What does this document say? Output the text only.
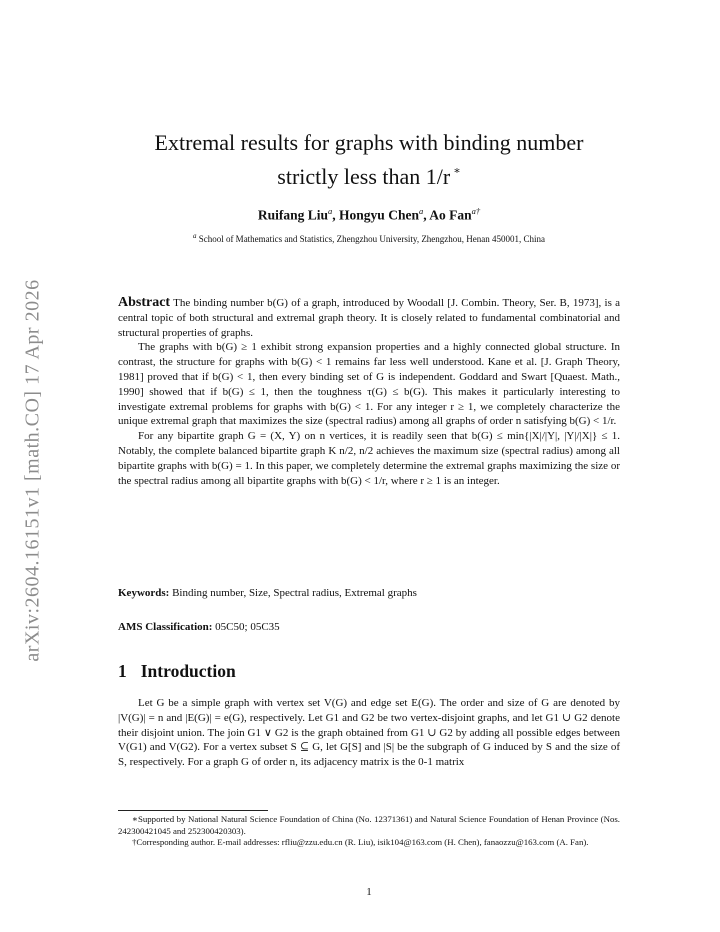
arXiv:2604.16151v1 [math.CO] 17 Apr 2026
Extremal results for graphs with binding number
strictly less than 1/r ∗
Ruifang Liu$^a$, Hongyu Chen$^a$, Ao Fan$^{a\dagger}$
$^a$ School of Mathematics and Statistics, Zhengzhou University, Zhengzhou, Henan 450001, China

Abstract The binding number b(G) of a graph, introduced by Woodall [J. Combin. Theory, Ser. B, 1973], is a central topic of both structural and extremal graph theory. It is closely related to fundamental combinatorial and structural properties of graphs.

The graphs with b(G) ≥ 1 exhibit strong expansion properties and a highly connected global structure. In contrast, the structure for graphs with b(G) < 1 remains far less well understood. Kane et al. [J. Graph Theory, 1981] proved that if b(G) < 1, then every binding set of G is independent. Goddard and Swart [Quaest. Math., 1990] showed that if b(G) ≤ 1, then the toughness τ(G) ≤ b(G). This makes it particularly interesting to investigate extremal problems for graphs with b(G) < 1. For any integer r ≥ 1, we completely characterize the unique extremal graph that maximizes the size (spectral radius) among all graphs of order n satisfying b(G) < 1/r.

For any bipartite graph G = (X, Y) on n vertices, it is readily seen that b(G) ≤ min{|X|/|Y|, |Y|/|X|} ≤ 1. Notably, the complete balanced bipartite graph K n/2, n/2 achieves the maximum size (spectral radius) among all bipartite graphs with b(G) = 1. In this paper, we completely determine the extremal graphs maximizing the size or the spectral radius among all bipartite graphs with b(G) < 1/r, where r ≥ 1 is an integer.

Keywords: Binding number, Size, Spectral radius, Extremal graphs
AMS Classification: 05C50; 05C35
1 Introduction

Let G be a simple graph with vertex set V(G) and edge set E(G). The order and size of G are denoted by |V(G)| = n and |E(G)| = e(G), respectively. Let G1 and G2 be two vertex-disjoint graphs, and let G1 ∪ G2 denote their disjoint union. The join G1 ∨ G2 is the graph obtained from G1 ∪ G2 by adding all possible edges between V(G1) and V(G2). For a vertex subset S ⊆ G, let G[S] and |S| be the subgraph of G induced by S and the size of S, respectively. For a graph G of order n, its adjacency matrix is the 0-1 matrix

∗Supported by National Natural Science Foundation of China (No. 12371361) and Natural Science Foundation of Henan Province (Nos. 242300421045 and 252300420303).

†Corresponding author. E-mail addresses: rfliu@zzu.edu.cn (R. Liu), isik104@163.com (H. Chen), fanaozzu@163.com (A. Fan).

1
